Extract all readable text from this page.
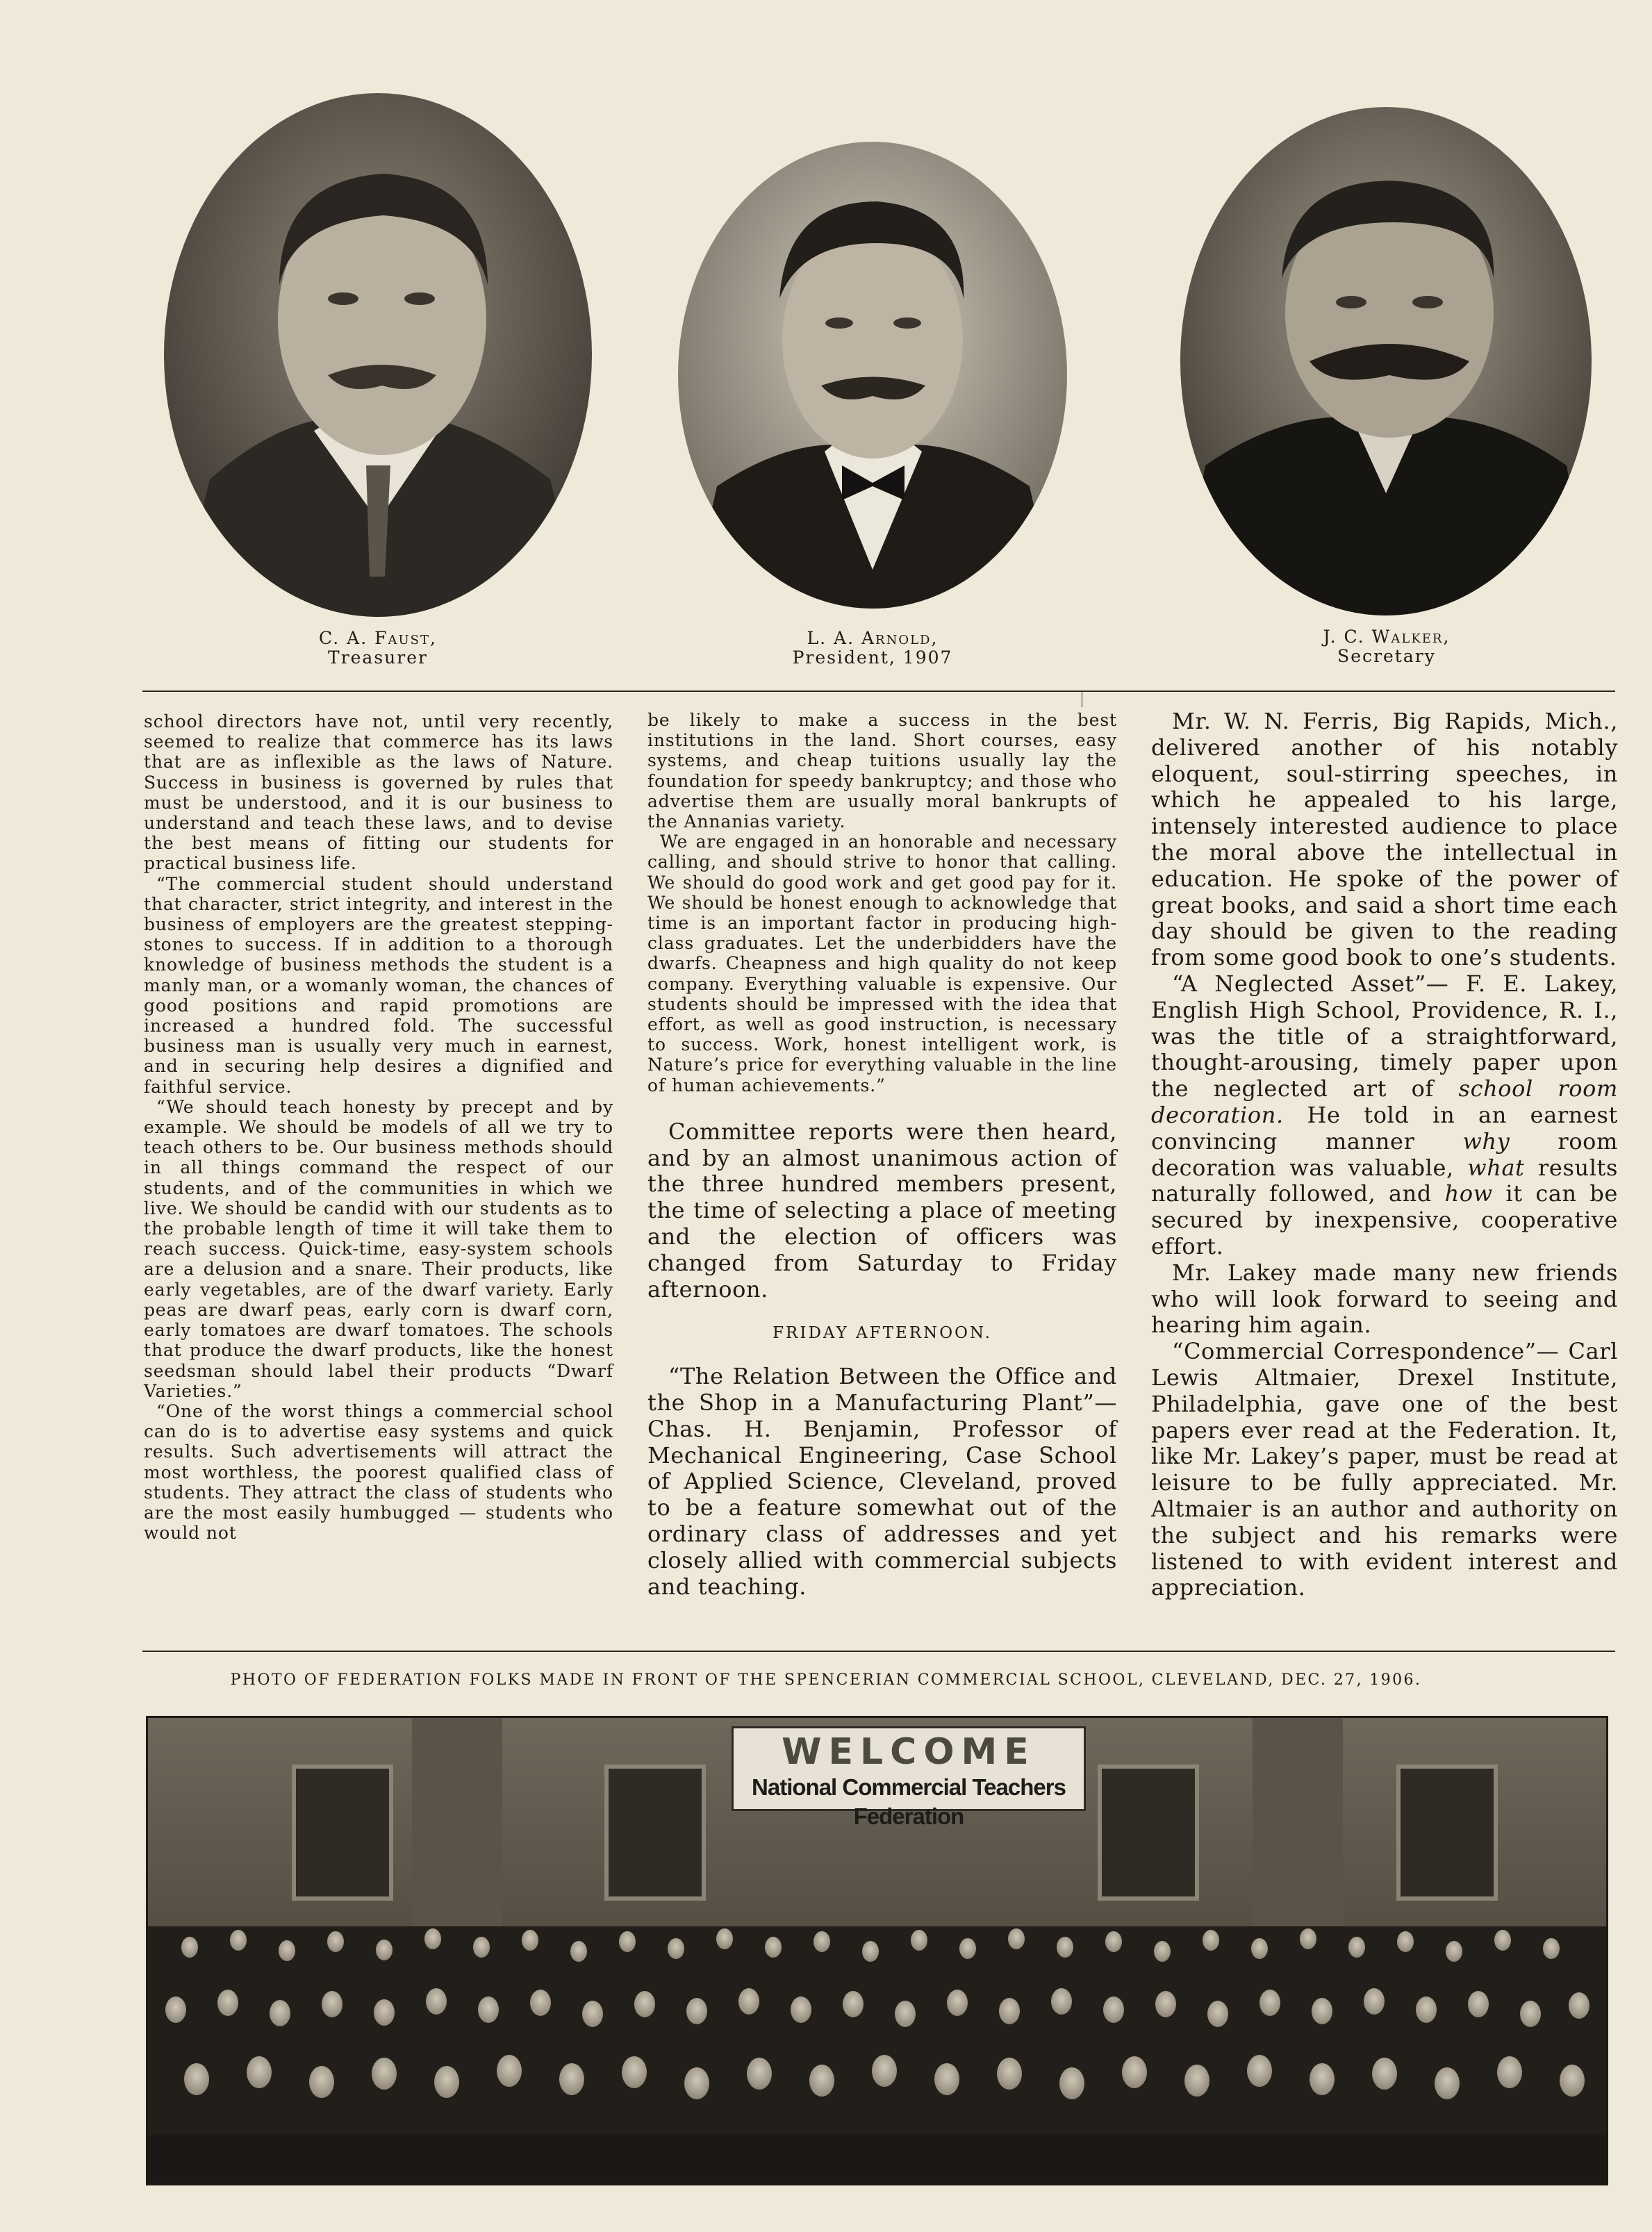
C. A. Faust,
Treasurer
L. A. Arnold,
President, 1907
J. C. Walker,
Secretary

school directors have not, until very recently, seemed to realize that commerce has its laws that are as inflexible as the laws of Nature. Success in business is governed by rules that must be understood, and it is our business to understand and teach these laws, and to devise the best means of fitting our students for practical business life.

“The commercial student should understand that character, strict integrity, and interest in the business of employers are the greatest stepping-stones to success. If in addition to a thorough knowledge of business methods the student is a manly man, or a womanly woman, the chances of good positions and rapid promotions are increased a hundred fold. The successful business man is usually very much in earnest, and in securing help desires a dignified and faithful service.

“We should teach honesty by precept and by example. We should be models of all we try to teach others to be. Our business methods should in all things command the respect of our students, and of the communities in which we live. We should be candid with our students as to the probable length of time it will take them to reach success. Quick-time, easy-system schools are a delusion and a snare. Their products, like early vegetables, are of the dwarf variety. Early peas are dwarf peas, early corn is dwarf corn, early tomatoes are dwarf tomatoes. The schools that produce the dwarf products, like the honest seedsman should label their products “Dwarf Varieties.”

“One of the worst things a commercial school can do is to advertise easy systems and quick results. Such advertisements will attract the most worthless, the poorest qualified class of students. They attract the class of students who are the most easily humbugged — students who would not

be likely to make a success in the best institutions in the land. Short courses, easy systems, and cheap tuitions usually lay the foundation for speedy bankruptcy; and those who advertise them are usually moral bankrupts of the Annanias variety.

We are engaged in an honorable and necessary calling, and should strive to honor that calling. We should do good work and get good pay for it. We should be honest enough to acknowledge that time is an important factor in producing high-class graduates. Let the underbidders have the dwarfs. Cheapness and high quality do not keep company. Everything valuable is expensive. Our students should be impressed with the idea that effort, as well as good instruction, is necessary to success. Work, honest intelligent work, is Nature’s price for everything valuable in the line of human achievements.”

Committee reports were then heard, and by an almost unanimous action of the three hundred members present, the time of selecting a place of meeting and the election of officers was changed from Saturday to Friday afternoon.

FRIDAY AFTERNOON.

“The Relation Between the Office and the Shop in a Manufacturing Plant”— Chas. H. Benjamin, Professor of Mechanical Engineering, Case School of Applied Science, Cleveland, proved to be a feature somewhat out of the ordinary class of addresses and yet closely allied with commercial subjects and teaching.

Mr. W. N. Ferris, Big Rapids, Mich., delivered another of his notably eloquent, soul-stirring speeches, in which he appealed to his large, intensely interested audience to place the moral above the intellectual in education. He spoke of the power of great books, and said a short time each day should be given to the reading from some good book to one’s students.

“A Neglected Asset”— F. E. Lakey, English High School, Providence, R. I., was the title of a straightforward, thought-arousing, timely paper upon the neglected art of school room decoration. He told in an earnest convincing manner why room decoration was valuable, what results naturally followed, and how it can be secured by inexpensive, cooperative effort.

Mr. Lakey made many new friends who will look forward to seeing and hearing him again.

“Commercial Correspondence”— Carl Lewis Altmaier, Drexel Institute, Philadelphia, gave one of the best papers ever read at the Federation. It, like Mr. Lakey’s paper, must be read at leisure to be fully appreciated. Mr. Altmaier is an author and authority on the subject and his remarks were listened to with evident interest and appreciation.

PHOTO OF FEDERATION FOLKS MADE IN FRONT OF THE SPENCERIAN COMMERCIAL SCHOOL, CLEVELAND, DEC. 27, 1906.
WELCOME
National Commercial Teachers Federation
